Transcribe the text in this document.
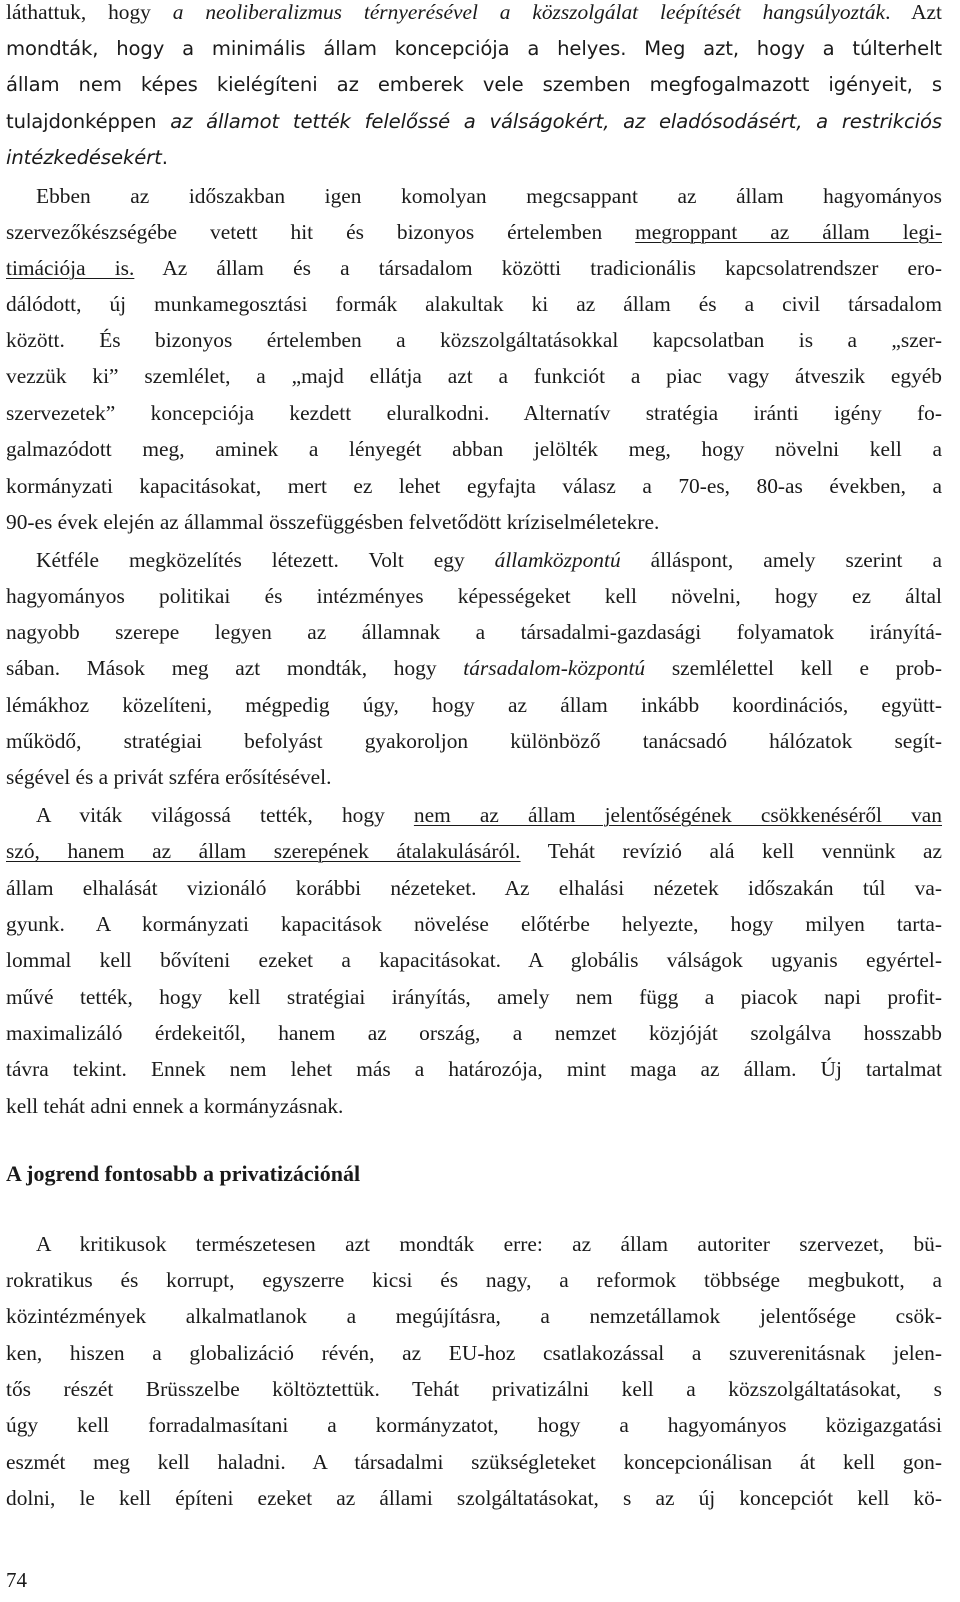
láthattuk, hogy a neoliberalizmus térnyerésével a közszolgálat leépítését hangsúlyozták. Azt
mondták, hogy a minimális állam koncepciója a helyes. Meg azt, hogy a túlterhelt
állam nem képes kielégíteni az emberek vele szemben megfogalmazott igényeit, s
tulajdonképpen az államot tették felelőssé a válságokért, az eladósodásért, a restrikciós
intézkedésekért.
Ebben az időszakban igen komolyan megcsappant az állam hagyományos
szervezőkészségébe vetett hit és bizonyos értelemben megroppant az állam legi-
timációja is. Az állam és a társadalom közötti tradicionális kapcsolatrendszer ero-
dálódott, új munkamegosztási formák alakultak ki az állam és a civil társadalom
között. És bizonyos értelemben a közszolgáltatásokkal kapcsolatban is a „szer-
vezzük ki” szemlélet, a „majd ellátja azt a funkciót a piac vagy átveszik egyéb
szervezetek” koncepciója kezdett eluralkodni. Alternatív stratégia iránti igény fo-
galmazódott meg, aminek a lényegét abban jelölték meg, hogy növelni kell a
kormányzati kapacitásokat, mert ez lehet egyfajta válasz a 70-es, 80-as években, a
90-es évek elején az állammal összefüggésben felvetődött kríziselméletekre.
Kétféle megközelítés létezett. Volt egy államközpontú álláspont, amely szerint a
hagyományos politikai és intézményes képességeket kell növelni, hogy ez által
nagyobb szerepe legyen az államnak a társadalmi-gazdasági folyamatok irányítá-
sában. Mások meg azt mondták, hogy társadalom-központú szemlélettel kell e prob-
lémákhoz közelíteni, mégpedig úgy, hogy az állam inkább koordinációs, együtt-
működő, stratégiai befolyást gyakoroljon különböző tanácsadó hálózatok segít-
ségével és a privát szféra erősítésével.
A viták világossá tették, hogy nem az állam jelentőségének csökkenéséről van
szó, hanem az állam szerepének átalakulásáról. Tehát revízió alá kell vennünk az
állam elhalását vizionáló korábbi nézeteket. Az elhalási nézetek időszakán túl va-
gyunk. A kormányzati kapacitások növelése előtérbe helyezte, hogy milyen tarta-
lommal kell bővíteni ezeket a kapacitásokat. A globális válságok ugyanis egyértel-
művé tették, hogy kell stratégiai irányítás, amely nem függ a piacok napi profit-
maximalizáló érdekeitől, hanem az ország, a nemzet közjóját szolgálva hosszabb
távra tekint. Ennek nem lehet más a határozója, mint maga az állam. Új tartalmat
kell tehát adni ennek a kormányzásnak.
A kritikusok természetesen azt mondták erre: az állam autoriter szervezet, bü-
rokratikus és korrupt, egyszerre kicsi és nagy, a reformok többsége megbukott, a
közintézmények alkalmatlanok a megújításra, a nemzetállamok jelentősége csök-
ken, hiszen a globalizáció révén, az EU-hoz csatlakozással a szuverenitásnak jelen-
tős részét Brüsszelbe költöztettük. Tehát privatizálni kell a közszolgáltatásokat, s
úgy kell forradalmasítani a kormányzatot, hogy a hagyományos közigazgatási
eszmét meg kell haladni. A társadalmi szükségleteket koncepcionálisan át kell gon-
dolni, le kell építeni ezeket az állami szolgáltatásokat, s az új koncepciót kell kö-
A jogrend fontosabb a privatizációnál
74
